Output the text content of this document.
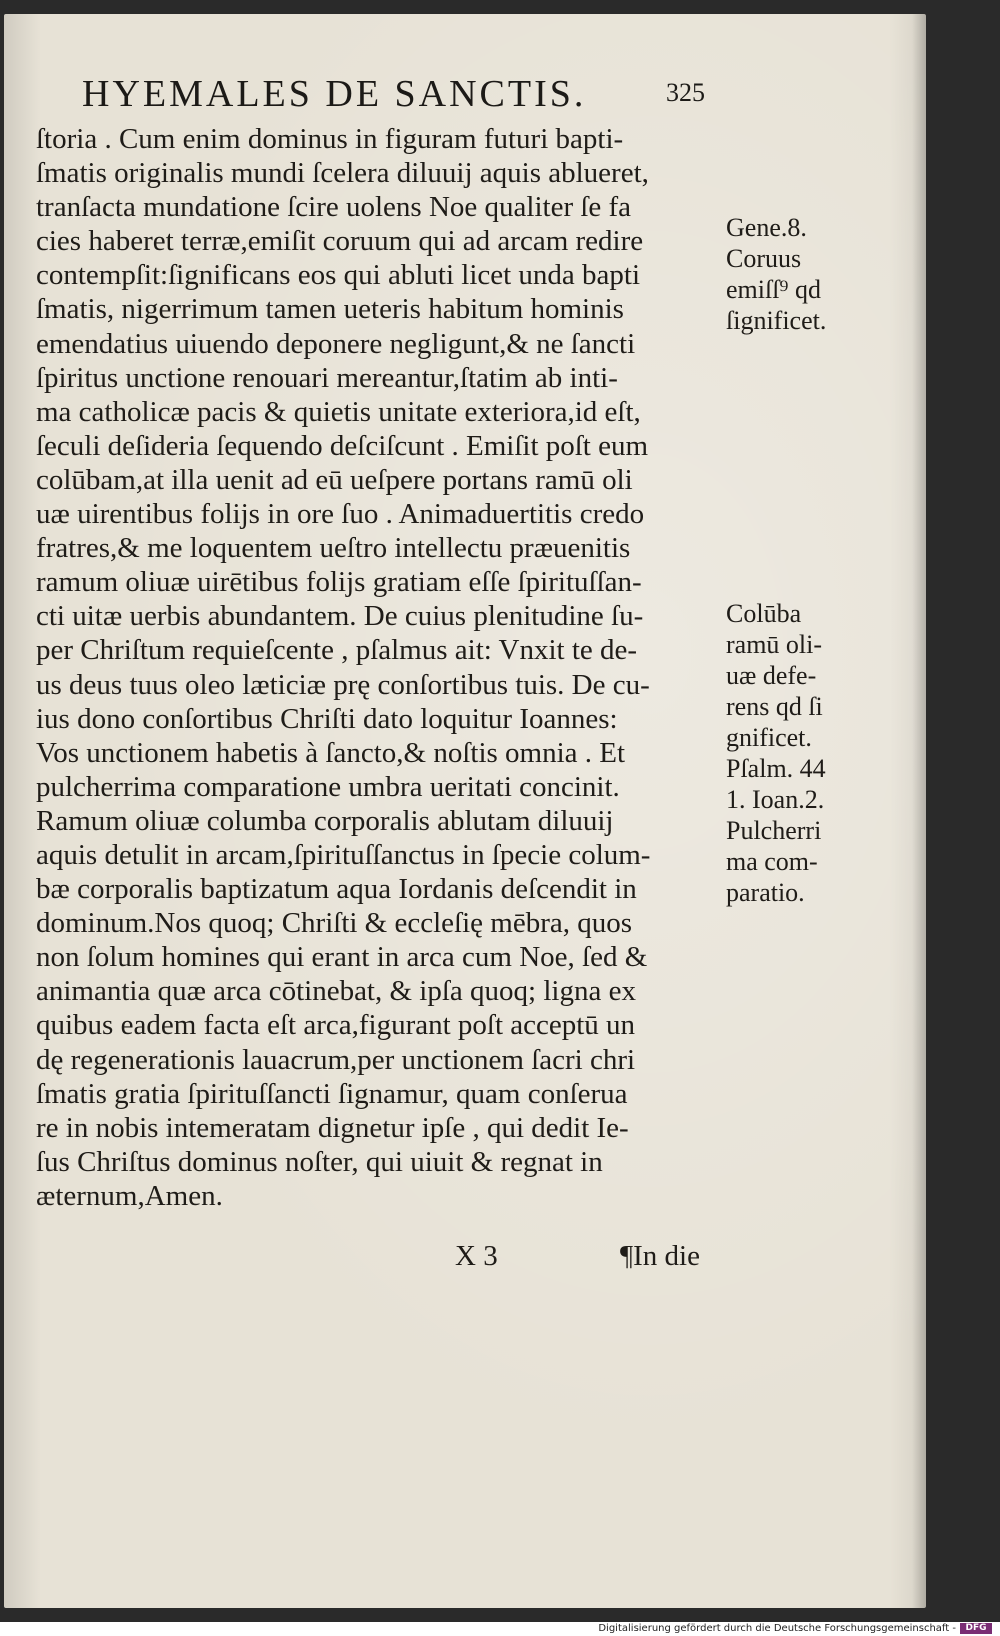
HYEMALES DE SANCTIS.	325
ſtoria . Cum enim dominus in figuram futuri bapti-
ſmatis originalis mundi ſcelera diluuij aquis ablueret,
tranſacta mundatione ſcire uolens Noe qualiter ſe fa
cies haberet terræ,emiſit coruum qui ad arcam redire
contempſit:ſignificans eos qui abluti licet unda bapti
ſmatis, nigerrimum tamen ueteris habitum hominis
emendatius uiuendo deponere negligunt,& ne ſancti
ſpiritus unctione renouari mereantur,ſtatim ab inti-
ma catholicæ pacis & quietis unitate exteriora,id eſt,
ſeculi deſideria ſequendo deſciſcunt . Emiſit poſt eum
colūbam,at illa uenit ad eū ueſpere portans ramū oli
uæ uirentibus folijs in ore ſuo . Animaduertitis credo
fratres,& me loquentem ueſtro intellectu præuenitis
ramum oliuæ uirētibus folijs gratiam eſſe ſpirituſſan-
cti uitæ uerbis abundantem. De cuius plenitudine ſu-
per Chriſtum requieſcente , pſalmus ait: Vnxit te de-
us deus tuus oleo læticiæ prę conſortibus tuis. De cu-
ius dono conſortibus Chriſti dato loquitur Ioannes:
Vos unctionem habetis à ſancto,& noſtis omnia . Et
pulcherrima comparatione umbra ueritati concinit.
Ramum oliuæ columba corporalis ablutam diluuij
aquis detulit in arcam,ſpirituſſanctus in ſpecie colum-
bæ corporalis baptizatum aqua Iordanis deſcendit in
dominum.Nos quoq; Chriſti & eccleſię mēbra, quos
non ſolum homines qui erant in arca cum Noe, ſed &
animantia quæ arca cōtinebat, & ipſa quoq; ligna ex
quibus eadem facta eſt arca,figurant poſt acceptū un
dę regenerationis lauacrum,per unctionem ſacri chri
ſmatis gratia ſpirituſſancti ſignamur, quam conſerua
re in nobis intemeratam dignetur ipſe , qui dedit Ie-
ſus Chriſtus dominus noſter, qui uiuit & regnat in
æternum,Amen.
Gene.8.
Coruus
emiſſ⁹ qd
ſignificet.
Colūba
ramū oli-
uæ defe-
rens qd ſi
gnificet.
Pſalm. 44
1. Ioan.2.
Pulcherri
ma com-
paratio.
X 3	¶In die
Digitalisierung gefördert durch die Deutsche Forschungsgemeinschaft -	DFG
